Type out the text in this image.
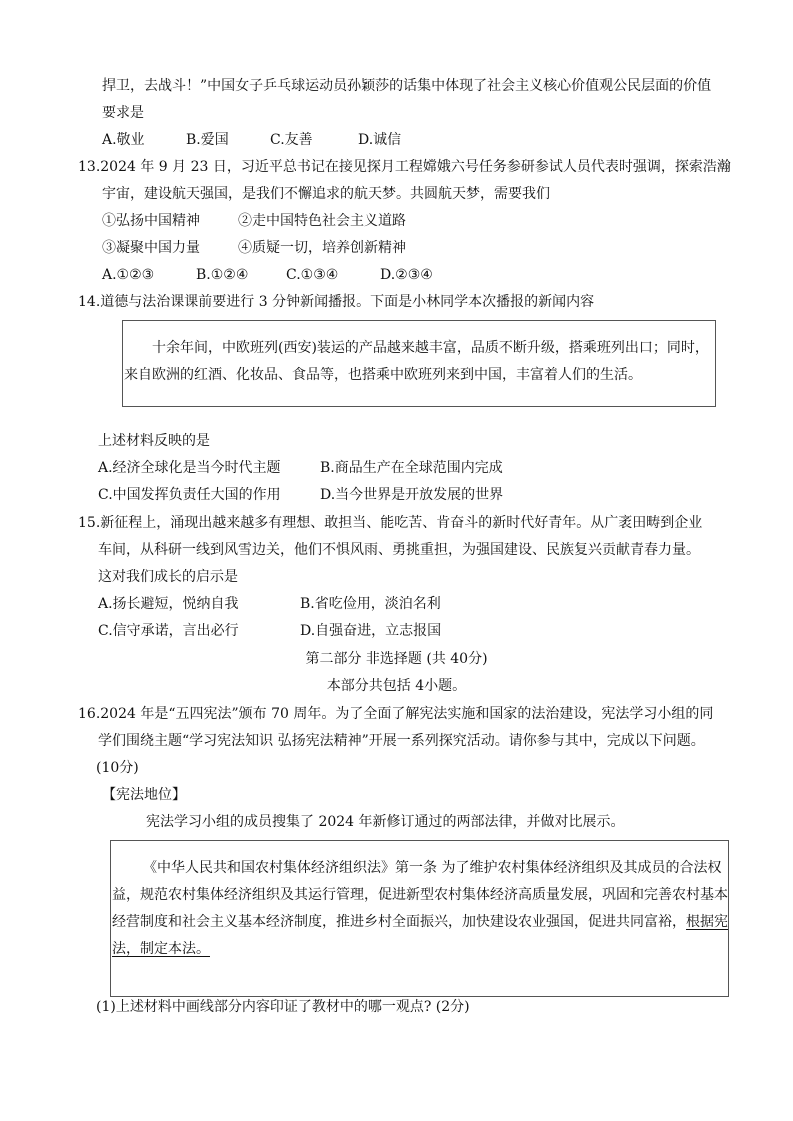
捍卫，去战斗！”中国女子乒乓球运动员孙颖莎的话集中体现了社会主义核心价值观公民层面的价值
要求是
A.敬业	B.爱国	C.友善	D.诚信
13.2024 年 9 月 23 日，习近平总书记在接见探月工程嫦娥六号任务参研参试人员代表时强调，探索浩瀚
宇宙，建设航天强国，是我们不懈追求的航天梦。共圆航天梦，需要我们
①弘扬中国精神	②走中国特色社会主义道路
③凝聚中国力量	④质疑一切，培养创新精神
A.①②③	B.①②④	C.①③④	D.②③④
14.道德与法治课课前要进行 3 分钟新闻播报。下面是小林同学本次播报的新闻内容
十余年间，中欧班列(西安)装运的产品越来越丰富，品质不断升级，搭乘班列出口；同时，
来自欧洲的红酒、化妆品、食品等，也搭乘中欧班列来到中国，丰富着人们的生活。
上述材料反映的是
A.经济全球化是当今时代主题	B.商品生产在全球范围内完成
C.中国发挥负责任大国的作用	D.当今世界是开放发展的世界
15.新征程上，涌现出越来越多有理想、敢担当、能吃苦、肯奋斗的新时代好青年。从广袤田畴到企业
车间，从科研一线到风雪边关，他们不惧风雨、勇挑重担，为强国建设、民族复兴贡献青春力量。
这对我们成长的启示是
A.扬长避短，悦纳自我	B.省吃俭用，淡泊名利
C.信守承诺，言出必行	D.自强奋进，立志报国
第二部分 非选择题 (共 40分)
本部分共包括 4小题。
16.2024 年是“五四宪法”颁布 70 周年。为了全面了解宪法实施和国家的法治建设，宪法学习小组的同
学们围绕主题“学习宪法知识 弘扬宪法精神”开展一系列探究活动。请你参与其中，完成以下问题。
(10分)
【宪法地位】
宪法学习小组的成员搜集了 2024 年新修订通过的两部法律，并做对比展示。
《中华人民共和国农村集体经济组织法》第一条 为了维护农村集体经济组织及其成员的合法权
益，规范农村集体经济组织及其运行管理，促进新型农村集体经济高质量发展，巩固和完善农村基本
经营制度和社会主义基本经济制度，推进乡村全面振兴，加快建设农业强国，促进共同富裕，根据宪
法，制定本法。
(1)上述材料中画线部分内容印证了教材中的哪一观点? (2分)
